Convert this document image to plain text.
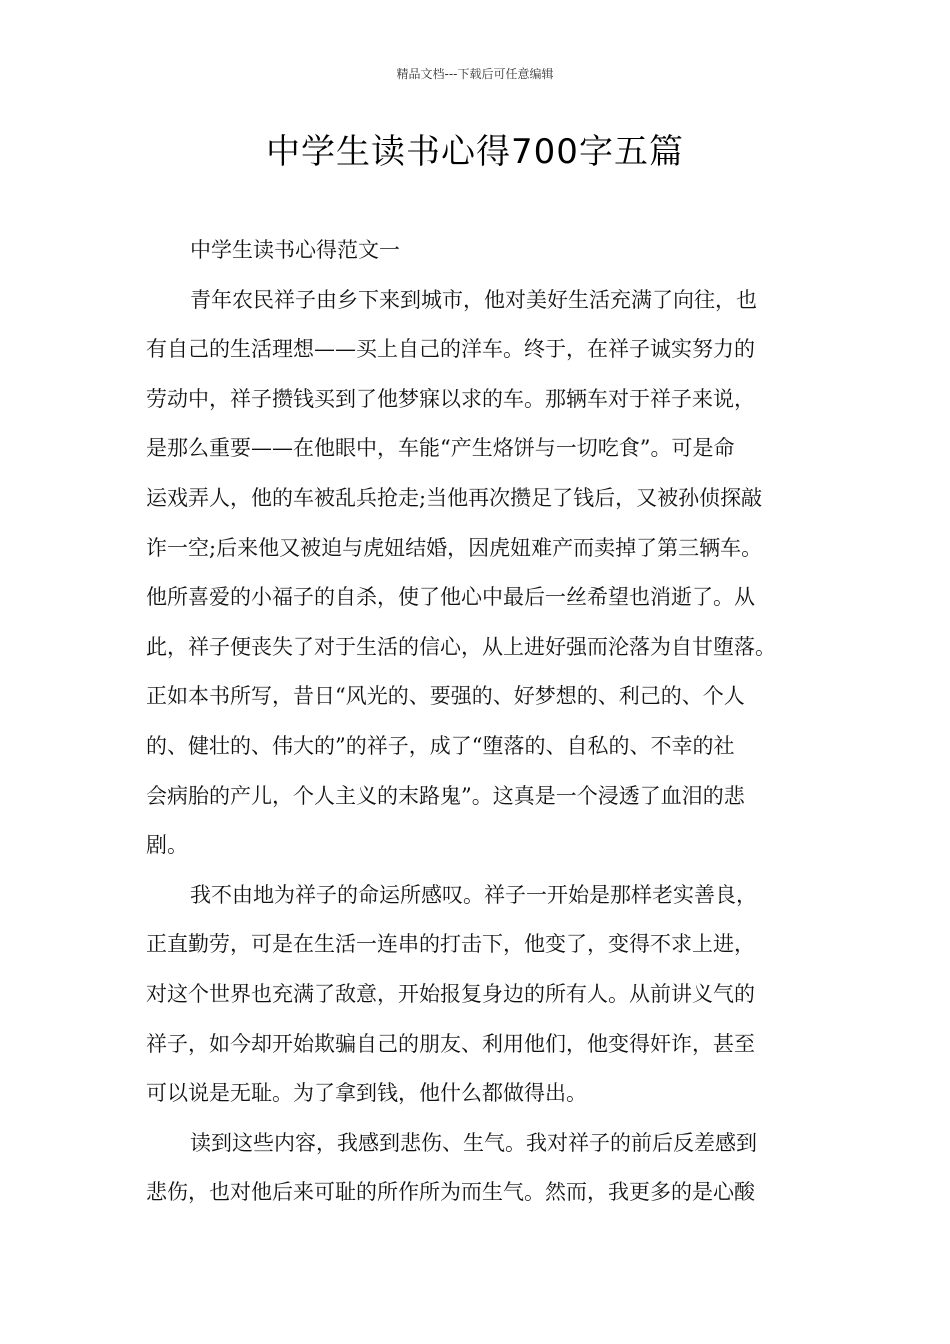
精品文档---下载后可任意编辑
中学生读书心得700字五篇
中学生读书心得范文一
青年农民祥子由乡下来到城市，他对美好生活充满了向往，也
有自己的生活理想——买上自己的洋车。终于，在祥子诚实努力的
劳动中，祥子攒钱买到了他梦寐以求的车。那辆车对于祥子来说，
是那么重要——在他眼中，车能“产生烙饼与一切吃食”。可是命
运戏弄人，他的车被乱兵抢走;当他再次攒足了钱后，又被孙侦探敲
诈一空;后来他又被迫与虎妞结婚，因虎妞难产而卖掉了第三辆车。
他所喜爱的小福子的自杀，使了他心中最后一丝希望也消逝了。从
此，祥子便丧失了对于生活的信心，从上进好强而沦落为自甘堕落。
正如本书所写，昔日“风光的、要强的、好梦想的、利己的、个人
的、健壮的、伟大的”的祥子，成了“堕落的、自私的、不幸的社
会病胎的产儿，个人主义的末路鬼”。这真是一个浸透了血泪的悲
剧。
我不由地为祥子的命运所感叹。祥子一开始是那样老实善良，
正直勤劳，可是在生活一连串的打击下，他变了，变得不求上进，
对这个世界也充满了敌意，开始报复身边的所有人。从前讲义气的
祥子，如今却开始欺骗自己的朋友、利用他们，他变得奸诈，甚至
可以说是无耻。为了拿到钱，他什么都做得出。
读到这些内容，我感到悲伤、生气。我对祥子的前后反差感到
悲伤，也对他后来可耻的所作所为而生气。然而，我更多的是心酸
